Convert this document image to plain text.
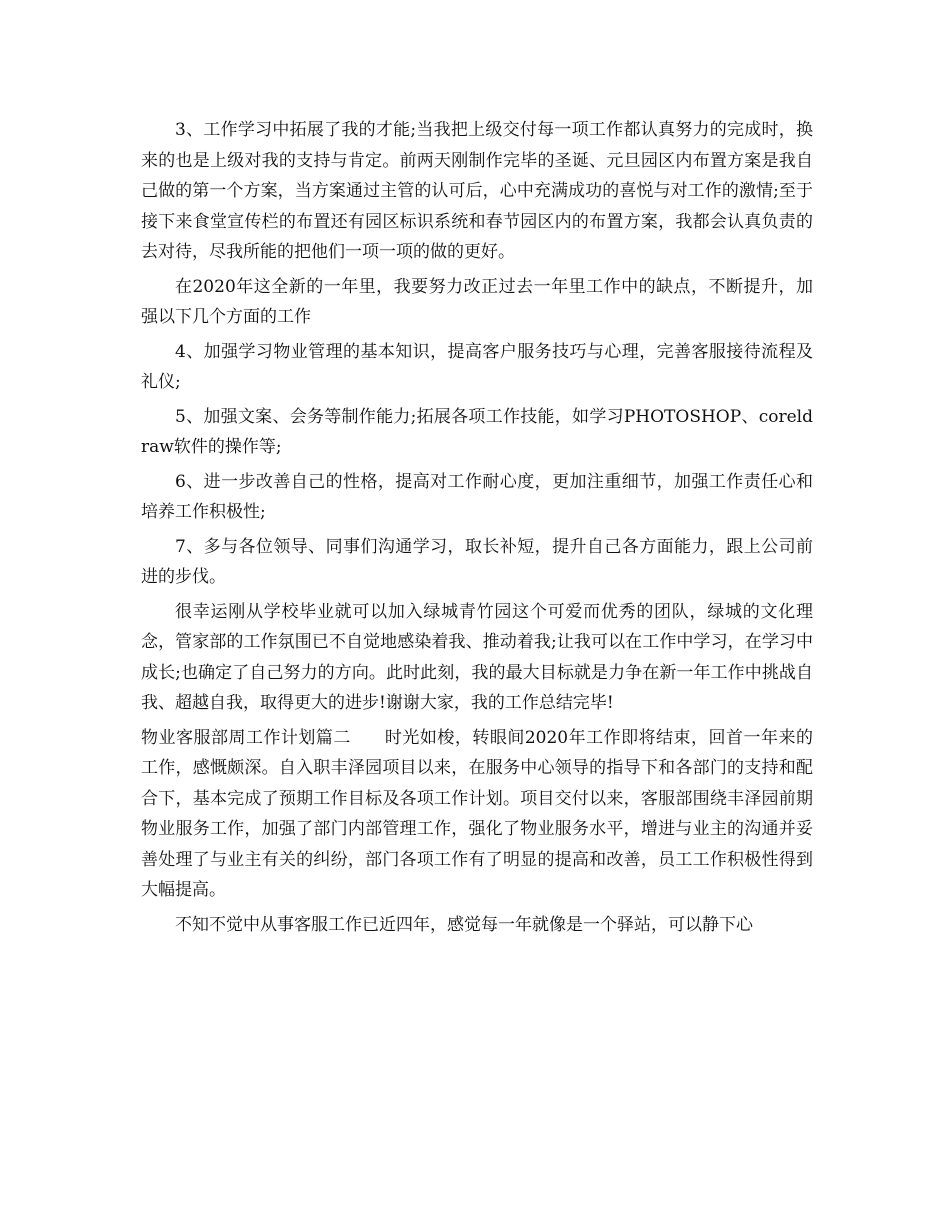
3、工作学习中拓展了我的才能;当我把上级交付每一项工作都认真努力的完成时，换来的也是上级对我的支持与肯定。前两天刚制作完毕的圣诞、元旦园区内布置方案是我自己做的第一个方案，当方案通过主管的认可后，心中充满成功的喜悦与对工作的激情;至于接下来食堂宣传栏的布置还有园区标识系统和春节园区内的布置方案，我都会认真负责的去对待，尽我所能的把他们一项一项的做的更好。

在2020年这全新的一年里，我要努力改正过去一年里工作中的缺点，不断提升，加强以下几个方面的工作

4、加强学习物业管理的基本知识，提高客户服务技巧与心理，完善客服接待流程及礼仪;

5、加强文案、会务等制作能力;拓展各项工作技能，如学习PHOTOSHOP、coreldraw软件的操作等;

6、进一步改善自己的性格，提高对工作耐心度，更加注重细节，加强工作责任心和培养工作积极性;

7、多与各位领导、同事们沟通学习，取长补短，提升自己各方面能力，跟上公司前进的步伐。

很幸运刚从学校毕业就可以加入绿城青竹园这个可爱而优秀的团队，绿城的文化理念，管家部的工作氛围已不自觉地感染着我、推动着我;让我可以在工作中学习，在学习中成长;也确定了自己努力的方向。此时此刻，我的最大目标就是力争在新一年工作中挑战自我、超越自我，取得更大的进步!谢谢大家，我的工作总结完毕!

物业客服部周工作计划篇二 时光如梭，转眼间2020年工作即将结束，回首一年来的工作，感慨颇深。自入职丰泽园项目以来，在服务中心领导的指导下和各部门的支持和配合下，基本完成了预期工作目标及各项工作计划。项目交付以来，客服部围绕丰泽园前期物业服务工作，加强了部门内部管理工作，强化了物业服务水平，增进与业主的沟通并妥善处理了与业主有关的纠纷，部门各项工作有了明显的提高和改善，员工工作积极性得到大幅提高。

不知不觉中从事客服工作已近四年，感觉每一年就像是一个驿站，可以静下心
